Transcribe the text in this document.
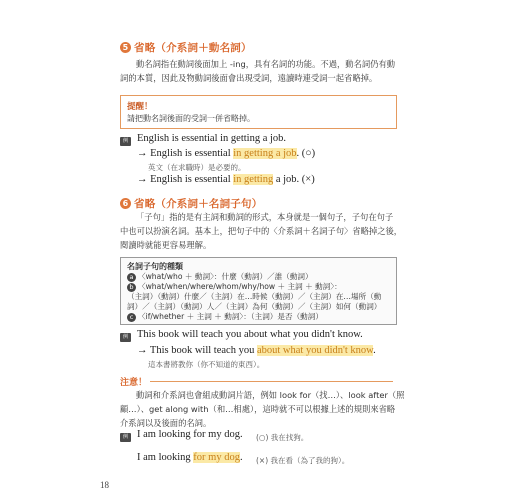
5 省略（介系詞＋動名詞）
動名詞指在動詞後面加上 -ing，具有名詞的功能。不過，動名詞仍有動
詞的本質，因此及物動詞後面會出現受詞，遠讀時連受詞一起省略掉。
提醒！
請把動名詞後面的受詞一併省略掉。
例 English is essential in getting a job.
→ English is essential in getting a job. (○)
英文（在求職時）是必要的。
→ English is essential in getting a job. (×)
6 省略（介系詞＋名詞子句）
「子句」指的是有主詞和動詞的形式，本身就是一個句子，子句在句子
中也可以扮演名詞。基本上，把句子中的〈介系詞＋名詞子句〉省略掉之後，
閱讀時就能更容易理解。
名詞子句的種類
a 〈what/who ＋ 動詞〉：什麼（動詞）／誰（動詞）
b 〈what/when/where/whom/why/how ＋ 主詞 ＋ 動詞〉：
（主詞）（動詞）什麼／（主詞）在…時候（動詞）／（主詞）在…場所（動
詞）／（主詞）（動詞）人／（主詞）為何（動詞）／（主詞）如何（動詞）
c 〈if/whether ＋ 主詞 ＋ 動詞〉：（主詞）是否（動詞）
例 This book will teach you about what you didn't know.
→ This book will teach you about what you didn't know.
這本書將教你（你不知道的東西）。
注意！
動詞和介系詞也會組成動詞片語，例如 look for（找…）、look after（照
顧…）、get along with（和…相處），這時就不可以根據上述的規則來省略
介系詞以及後面的名詞。
例 I am looking for my dog. (○) 我在找狗。
I am looking for my dog. (×) 我在看（為了我的狗）。
18
